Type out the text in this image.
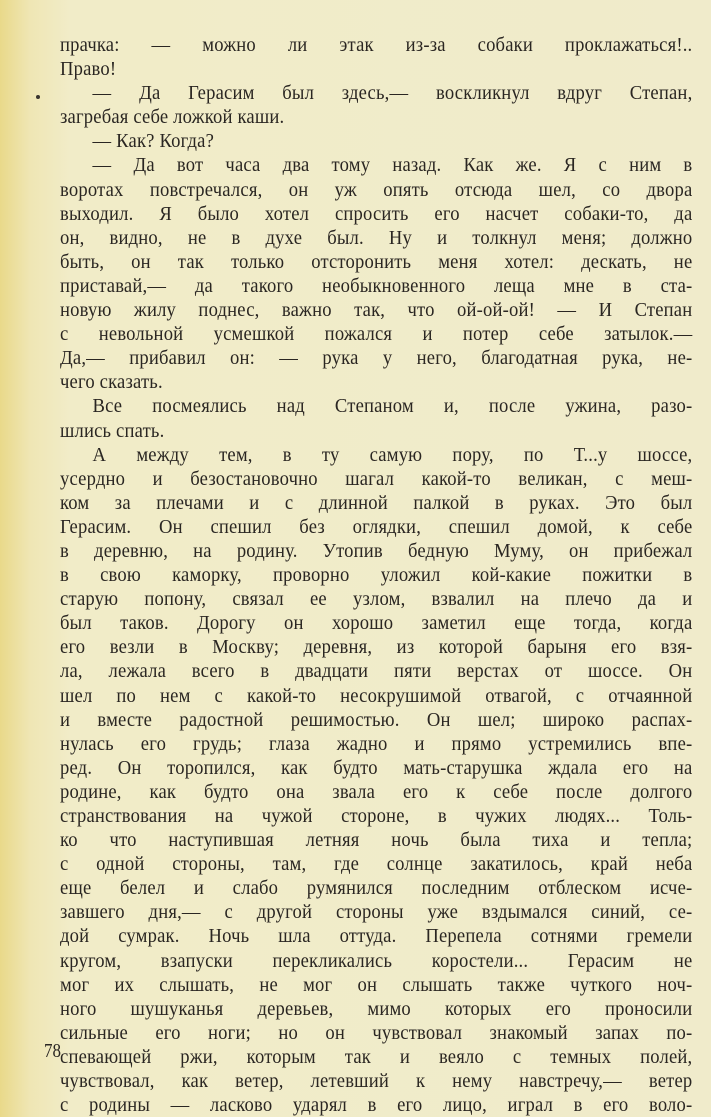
прачка: — можно ли этак из-за собаки проклажаться!..
Право!
— Да Герасим был здесь,— воскликнул вдруг Степан,
загребая себе ложкой каши.
— Как? Когда?
— Да вот часа два тому назад. Как же. Я с ним в
воротах повстречался, он уж опять отсюда шел, со двора
выходил. Я было хотел спросить его насчет собаки-то, да
он, видно, не в духе был. Ну и толкнул меня; должно
быть, он так только отсторонить меня хотел: дескать, не
приставай,— да такого необыкновенного леща мне в ста-
новую жилу поднес, важно так, что ой-ой-ой! — И Степан
с невольной усмешкой пожался и потер себе затылок.—
Да,— прибавил он: — рука у него, благодатная рука, не-
чего сказать.
Все посмеялись над Степаном и, после ужина, разо-
шлись спать.
А между тем, в ту самую пору, по Т...у шоссе,
усердно и безостановочно шагал какой-то великан, с меш-
ком за плечами и с длинной палкой в руках. Это был
Герасим. Он спешил без оглядки, спешил домой, к себе
в деревню, на родину. Утопив бедную Муму, он прибежал
в свою каморку, проворно уложил кой-какие пожитки в
старую попону, связал ее узлом, взвалил на плечо да и
был таков. Дорогу он хорошо заметил еще тогда, когда
его везли в Москву; деревня, из которой барыня его взя-
ла, лежала всего в двадцати пяти верстах от шоссе. Он
шел по нем с какой-то несокрушимой отвагой, с отчаянной
и вместе радостной решимостью. Он шел; широко распах-
нулась его грудь; глаза жадно и прямо устремились впе-
ред. Он торопился, как будто мать-старушка ждала его на
родине, как будто она звала его к себе после долгого
странствования на чужой стороне, в чужих людях... Толь-
ко что наступившая летняя ночь была тиха и тепла;
с одной стороны, там, где солнце закатилось, край неба
еще белел и слабо румянился последним отблеском исче-
завшего дня,— с другой стороны уже вздымался синий, се-
дой сумрак. Ночь шла оттуда. Перепела сотнями гремели
кругом, взапуски перекликались коростели... Герасим не
мог их слышать, не мог он слышать также чуткого ноч-
ного шушуканья деревьев, мимо которых его проносили
сильные его ноги; но он чувствовал знакомый запах по-
спевающей ржи, которым так и веяло с темных полей,
чувствовал, как ветер, летевший к нему навстречу,— ветер
с родины — ласково ударял в его лицо, играл в его воло-
78
